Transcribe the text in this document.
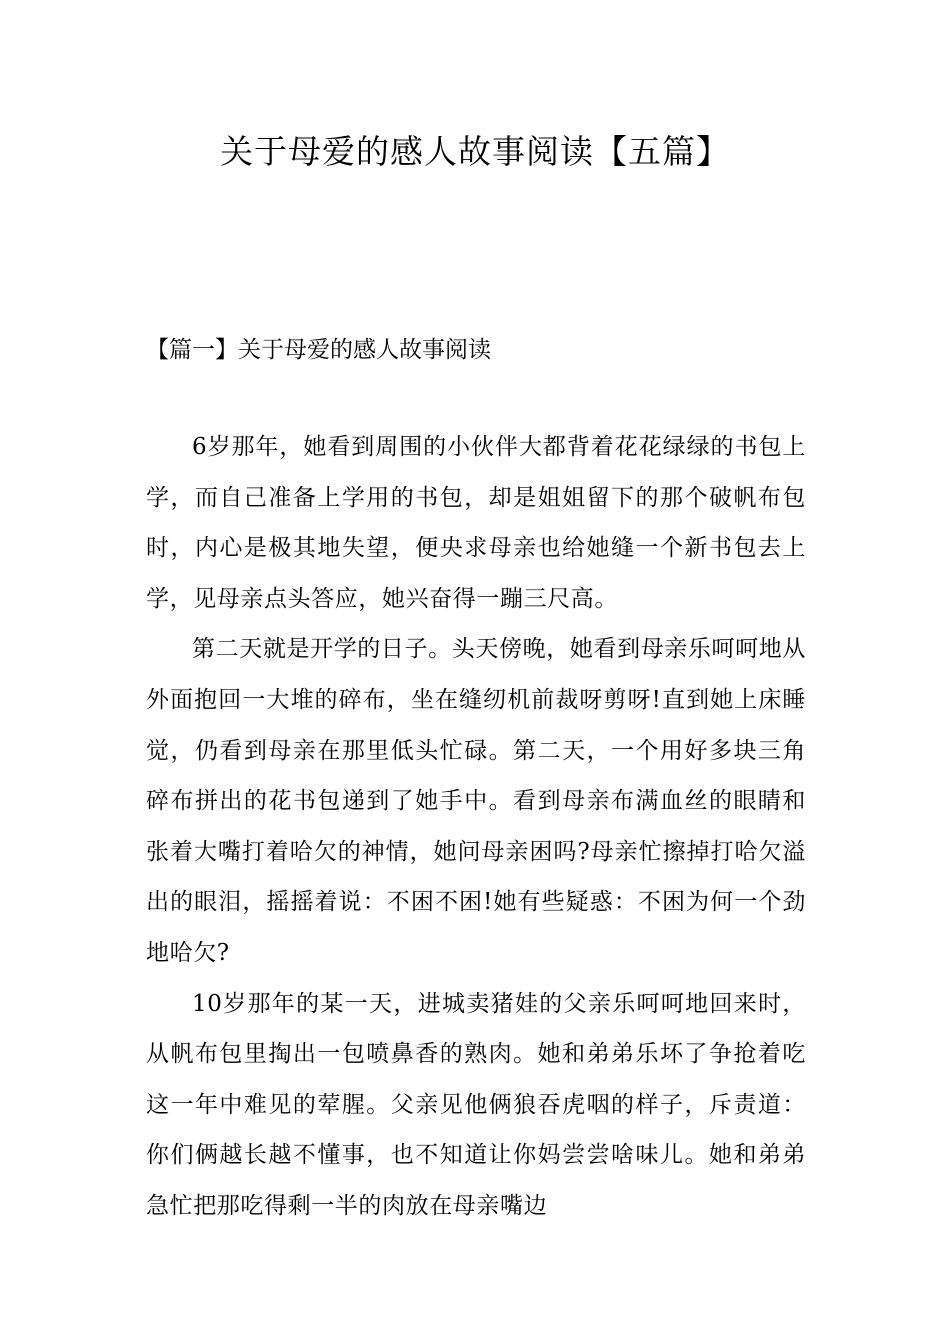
关于母爱的感人故事阅读【五篇】
【篇一】关于母爱的感人故事阅读

6岁那年，她看到周围的小伙伴大都背着花花绿绿的书包上学，而自己准备上学用的书包，却是姐姐留下的那个破帆布包时，内心是极其地失望，便央求母亲也给她缝一个新书包去上学，见母亲点头答应，她兴奋得一蹦三尺高。

第二天就是开学的日子。头天傍晚，她看到母亲乐呵呵地从外面抱回一大堆的碎布，坐在缝纫机前裁呀剪呀!直到她上床睡觉，仍看到母亲在那里低头忙碌。第二天，一个用好多块三角碎布拼出的花书包递到了她手中。看到母亲布满血丝的眼睛和张着大嘴打着哈欠的神情，她问母亲困吗?母亲忙擦掉打哈欠溢出的眼泪，摇摇着说：不困不困!她有些疑惑：不困为何一个劲地哈欠?

10岁那年的某一天，进城卖猪娃的父亲乐呵呵地回来时，从帆布包里掏出一包喷鼻香的熟肉。她和弟弟乐坏了争抢着吃这一年中难见的荤腥。父亲见他俩狼吞虎咽的样子，斥责道：你们俩越长越不懂事，也不知道让你妈尝尝啥味儿。她和弟弟急忙把那吃得剩一半的肉放在母亲嘴边
